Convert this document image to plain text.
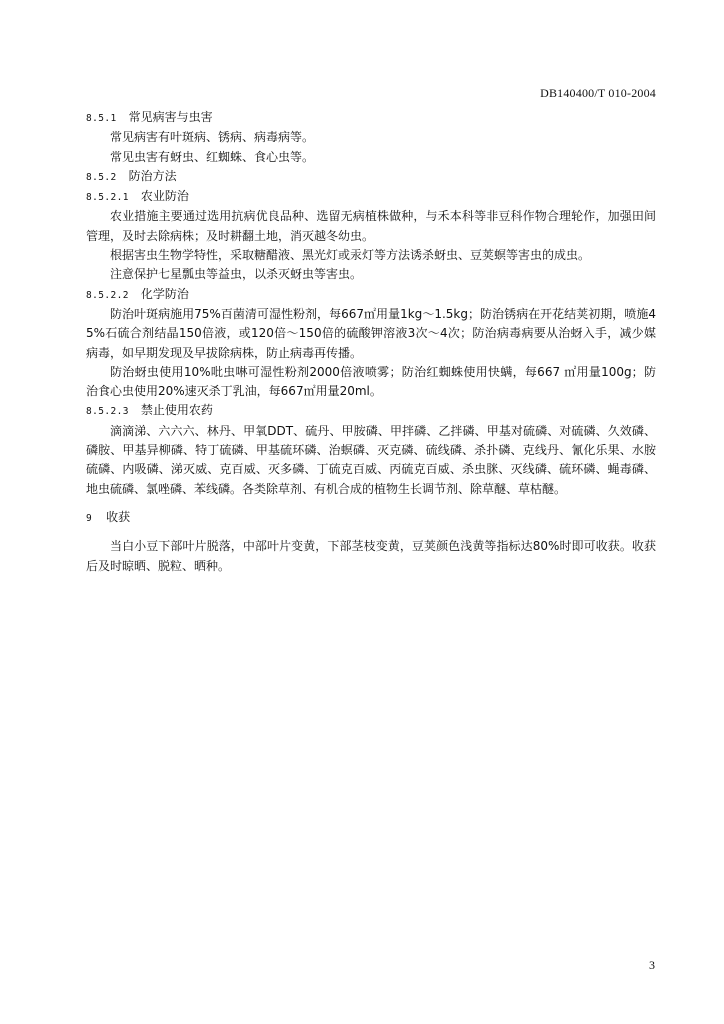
DB140400/T 010-2004
8.5.1 常见病害与虫害
常见病害有叶斑病、锈病、病毒病等。
常见虫害有蚜虫、红蜘蛛、食心虫等。
8.5.2 防治方法
8.5.2.1 农业防治
农业措施主要通过选用抗病优良品种、选留无病植株做种，与禾本科等非豆科作物合理轮作，加强田间管理，及时去除病株；及时耕翻土地，消灭越冬幼虫。
根据害虫生物学特性，采取糖醋液、黑光灯或汞灯等方法诱杀蚜虫、豆荚螟等害虫的成虫。
注意保护七星瓢虫等益虫，以杀灭蚜虫等害虫。
8.5.2.2 化学防治
防治叶斑病施用75%百菌清可湿性粉剂，每667㎡用量1kg～1.5kg；防治锈病在开花结荚初期，喷施45%石硫合剂结晶150倍液，或120倍～150倍的硫酸钾溶液3次～4次；防治病毒病要从治蚜入手，减少媒病毒，如早期发现及早拔除病株，防止病毒再传播。
防治蚜虫使用10%吡虫啉可湿性粉剂2000倍液喷雾；防治红蜘蛛使用快螨，每667 ㎡用量100g；防治食心虫使用20%速灭杀丁乳油，每667㎡用量20ml。
8.5.2.3 禁止使用农药
滴滴涕、六六六、林丹、甲氧DDT、硫丹、甲胺磷、甲拌磷、乙拌磷、甲基对硫磷、对硫磷、久效磷、磷胺、甲基异柳磷、特丁硫磷、甲基硫环磷、治螟磷、灭克磷、硫线磷、杀扑磷、克线丹、氰化乐果、水胺硫磷、内吸磷、涕灭威、克百威、灭多磷、丁硫克百威、丙硫克百威、杀虫脒、灭线磷、硫环磷、蝇毒磷、地虫硫磷、氯唑磷、苯线磷。各类除草剂、有机合成的植物生长调节剂、除草醚、草枯醚。
9 收获
当白小豆下部叶片脱落，中部叶片变黄，下部茎枝变黄，豆荚颜色浅黄等指标达80%时即可收获。收获后及时晾晒、脱粒、晒种。
3
